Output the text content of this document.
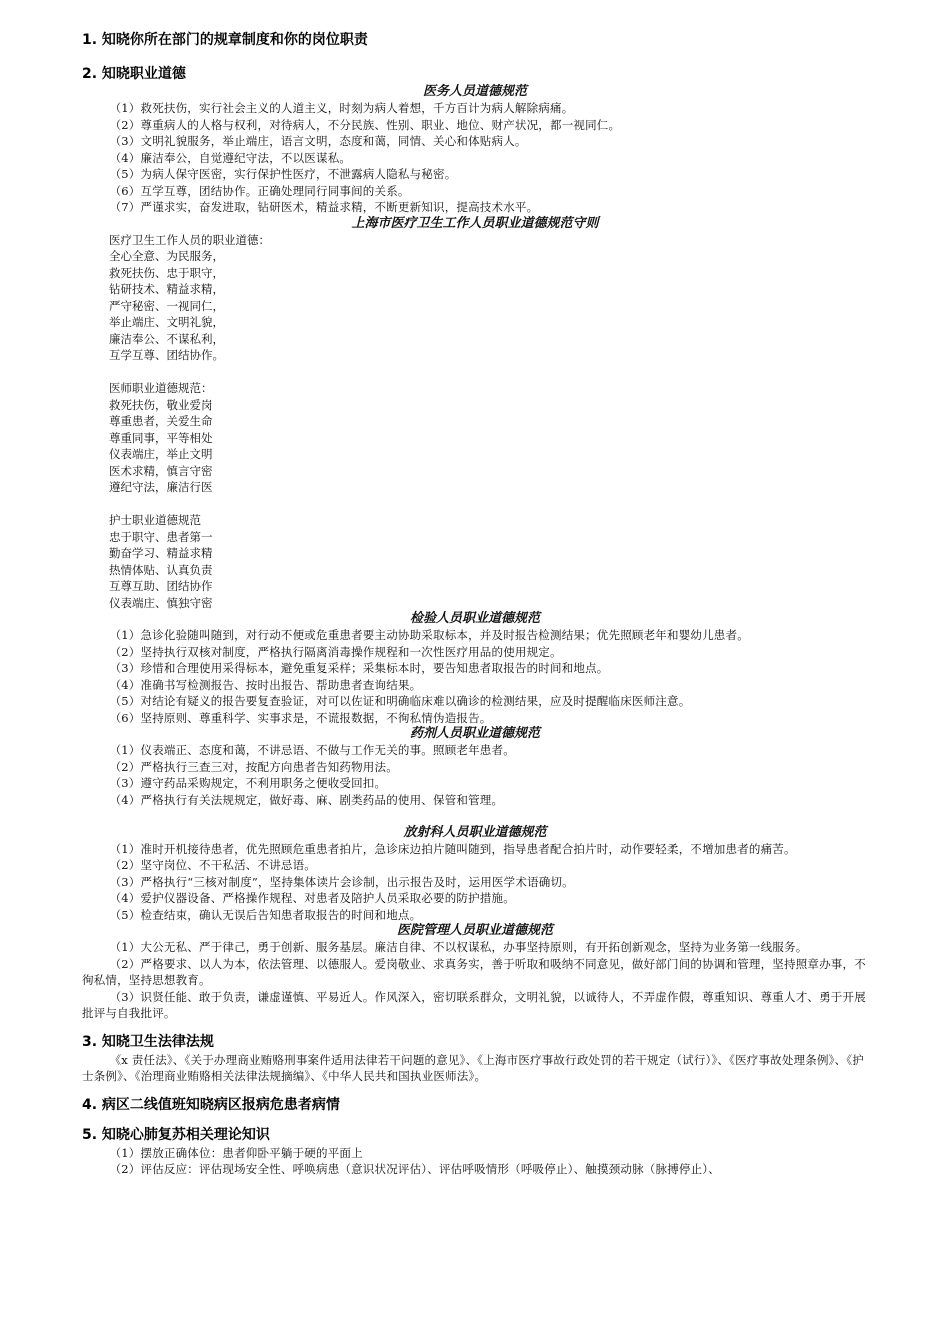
1. 知晓你所在部门的规章制度和你的岗位职责
2. 知晓职业道德

医务人员道德规范

（1）救死扶伤，实行社会主义的人道主义，时刻为病人着想，千方百计为病人解除病痛。

（2）尊重病人的人格与权利，对待病人，不分民族、性别、职业、地位、财产状况，都一视同仁。

（3）文明礼貌服务，举止端庄，语言文明，态度和蔼，同情、关心和体贴病人。

（4）廉洁奉公，自觉遵纪守法，不以医谋私。

（5）为病人保守医密，实行保护性医疗，不泄露病人隐私与秘密。

（6）互学互尊，团结协作。正确处理同行同事间的关系。

（7）严谨求实，奋发进取，钻研医术，精益求精，不断更新知识，提高技术水平。

上海市医疗卫生工作人员职业道德规范守则

医疗卫生工作人员的职业道德：

全心全意、为民服务，

救死扶伤、忠于职守，

钻研技术、精益求精，

严守秘密、一视同仁，

举止端庄、文明礼貌，

廉洁奉公、不谋私利，

互学互尊、团结协作。

医师职业道德规范：

救死扶伤，敬业爱岗

尊重患者，关爱生命

尊重同事，平等相处

仪表端庄，举止文明

医术求精，慎言守密

遵纪守法，廉洁行医

护士职业道德规范

忠于职守、患者第一

勤奋学习、精益求精

热情体贴、认真负责

互尊互助、团结协作

仪表端庄、慎独守密

检验人员职业道德规范

（1）急诊化验随叫随到，对行动不便或危重患者要主动协助采取标本，并及时报告检测结果；优先照顾老年和婴幼儿患者。

（2）坚持执行双核对制度，严格执行隔离消毒操作规程和一次性医疗用品的使用规定。

（3）珍惜和合理使用采得标本，避免重复采样；采集标本时，要告知患者取报告的时间和地点。

（4）准确书写检测报告、按时出报告、帮助患者查询结果。

（5）对结论有疑义的报告要复查验证，对可以佐证和明确临床难以确诊的检测结果，应及时提醒临床医师注意。

（6）坚持原则、尊重科学、实事求是，不谎报数据，不徇私情伪造报告。

药剂人员职业道德规范

（1）仪表端正、态度和蔼，不讲忌语、不做与工作无关的事。照顾老年患者。

（2）严格执行三查三对，按配方向患者告知药物用法。

（3）遵守药品采购规定，不利用职务之便收受回扣。

（4）严格执行有关法规规定，做好毒、麻、剧类药品的使用、保管和管理。

放射科人员职业道德规范

（1）准时开机接待患者，优先照顾危重患者拍片，急诊床边拍片随叫随到，指导患者配合拍片时，动作要轻柔，不增加患者的痛苦。

（2）坚守岗位、不干私活、不讲忌语。

（3）严格执行“三核对制度”，坚持集体读片会诊制，出示报告及时，运用医学术语确切。

（4）爱护仪器设备、严格操作规程、对患者及陪护人员采取必要的防护措施。

（5）检查结束，确认无误后告知患者取报告的时间和地点。

医院管理人员职业道德规范

（1）大公无私、严于律己，勇于创新、服务基层。廉洁自律、不以权谋私，办事坚持原则，有开拓创新观念，坚持为业务第一线服务。

（2）严格要求、以人为本，依法管理、以德服人。爱岗敬业、求真务实，善于听取和吸纳不同意见，做好部门间的协调和管理，坚持照章办事，不徇私情，坚持思想教育。

（3）识贤任能、敢于负责，谦虚谨慎、平易近人。作风深入，密切联系群众，文明礼貌，以诚待人，不弄虚作假，尊重知识、尊重人才、勇于开展批评与自我批评。

3. 知晓卫生法律法规

《x 责任法》、《关于办理商业贿赂刑事案件适用法律若干问题的意见》、《上海市医疗事故行政处罚的若干规定（试行）》、《医疗事故处理条例》、《护士条例》、《治理商业贿赂相关法律法规摘编》、《中华人民共和国执业医师法》。

4. 病区二线值班知晓病区报病危患者病情
5. 知晓心肺复苏相关理论知识

（1）摆放正确体位：患者仰卧平躺于硬的平面上

（2）评估反应：评估现场安全性、呼唤病患（意识状况评估）、评估呼吸情形（呼吸停止）、触摸颈动脉（脉搏停止）、
